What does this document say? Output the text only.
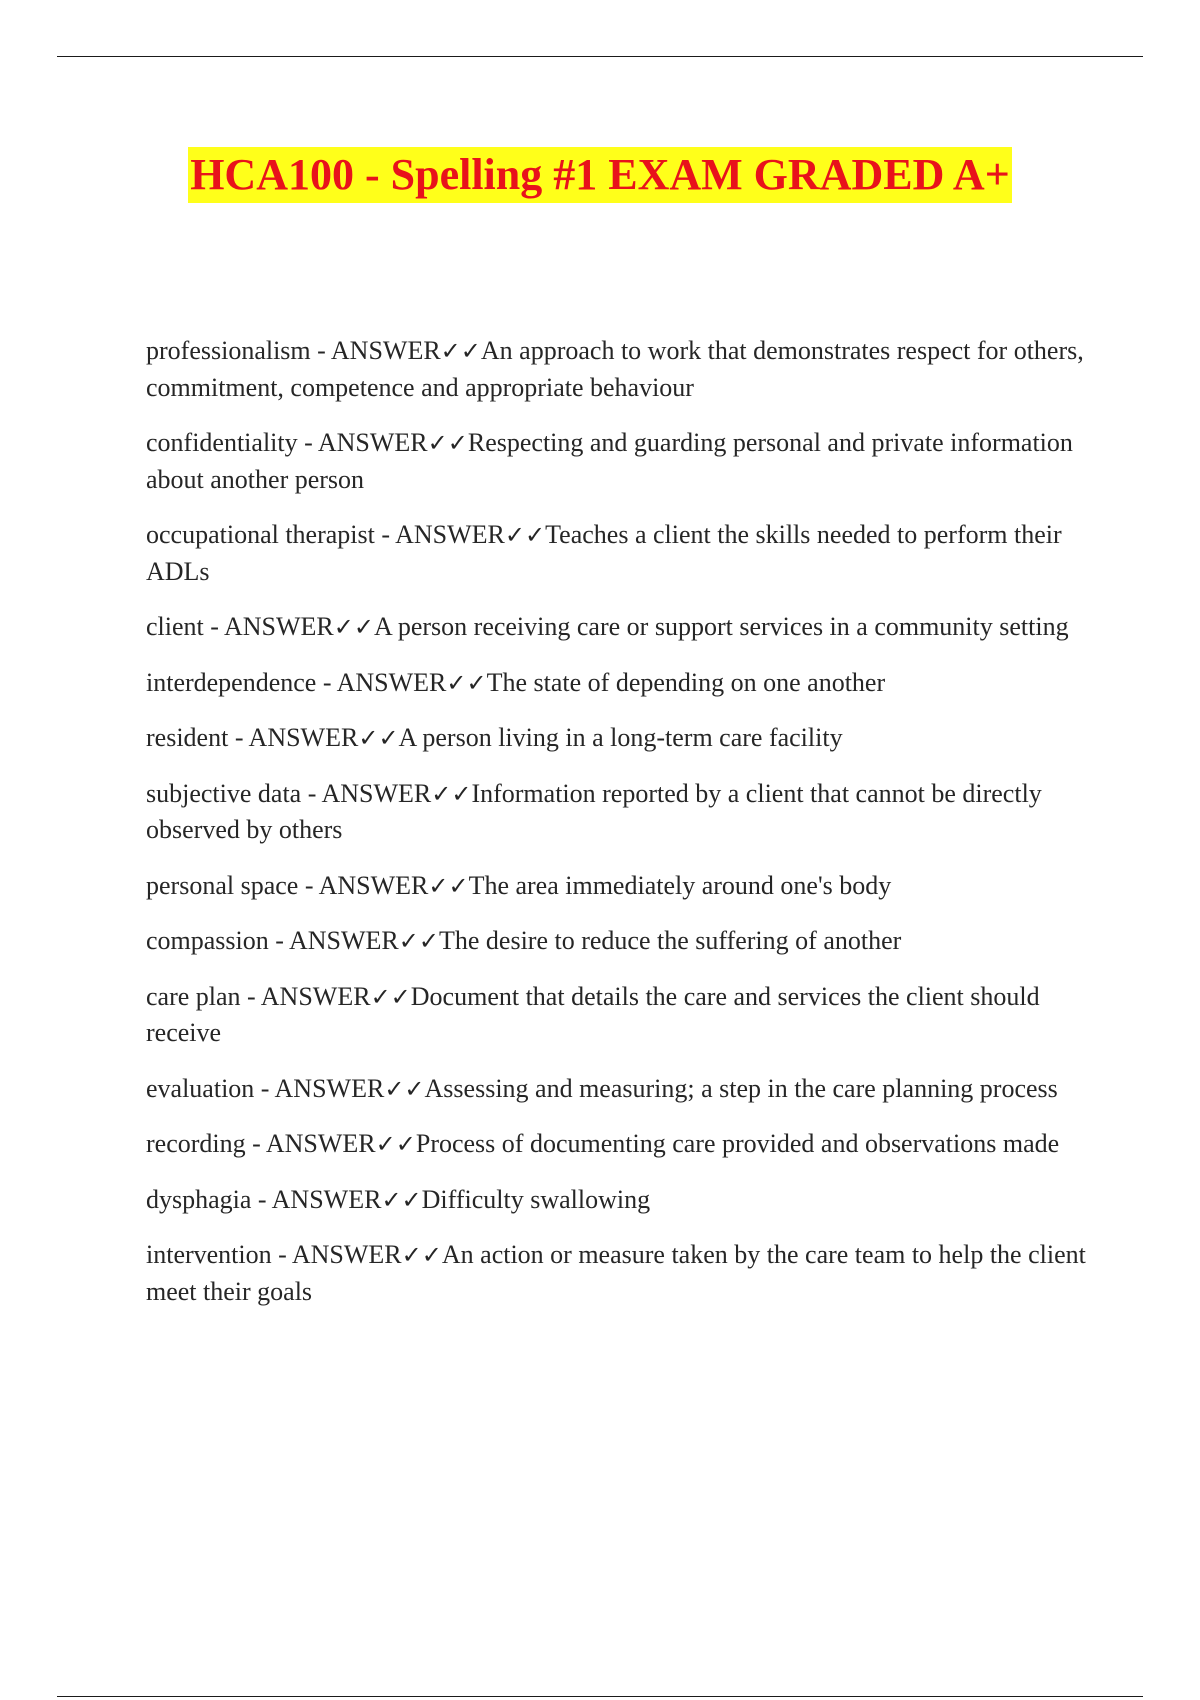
HCA100 - Spelling #1 EXAM GRADED A+
professionalism - ANSWER✓✓An approach to work that demonstrates respect for others, commitment, competence and appropriate behaviour
confidentiality - ANSWER✓✓Respecting and guarding personal and private information about another person
occupational therapist - ANSWER✓✓Teaches a client the skills needed to perform their ADLs
client - ANSWER✓✓A person receiving care or support services in a community setting
interdependence - ANSWER✓✓The state of depending on one another
resident - ANSWER✓✓A person living in a long-term care facility
subjective data - ANSWER✓✓Information reported by a client that cannot be directly observed by others
personal space - ANSWER✓✓The area immediately around one's body
compassion - ANSWER✓✓The desire to reduce the suffering of another
care plan - ANSWER✓✓Document that details the care and services the client should receive
evaluation - ANSWER✓✓Assessing and measuring; a step in the care planning process
recording - ANSWER✓✓Process of documenting care provided and observations made
dysphagia - ANSWER✓✓Difficulty swallowing
intervention - ANSWER✓✓An action or measure taken by the care team to help the client meet their goals
